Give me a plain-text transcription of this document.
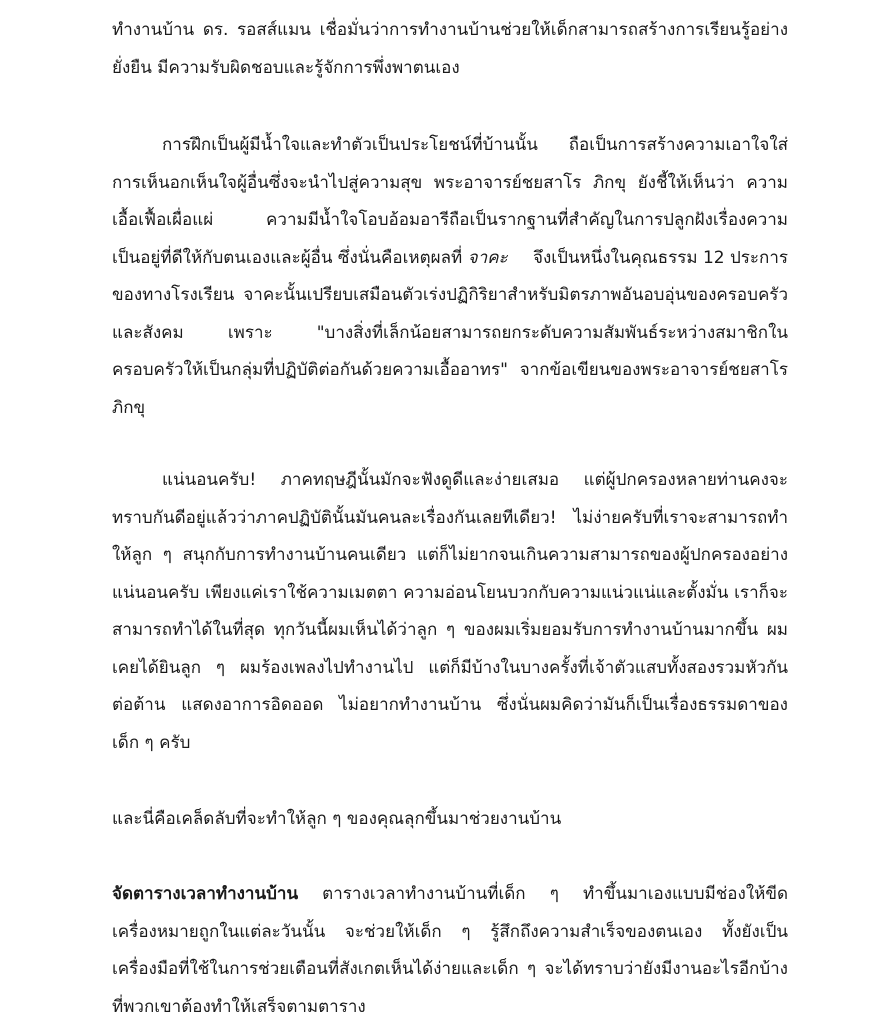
ทำงานบ้าน ดร. รอสส์แมน เชื่อมั่นว่าการทำงานบ้านช่วยให้เด็กสามารถสร้างการเรียนรู้อย่าง
ยั่งยืน มีความรับผิดชอบและรู้จักการพึ่งพาตนเอง
การฝึกเป็นผู้มีน้ำใจและทำตัวเป็นประโยชน์ที่บ้านนั้น ถือเป็นการสร้างความเอาใจใส่
การเห็นอกเห็นใจผู้อื่นซึ่งจะนำไปสู่ความสุข พระอาจารย์ชยสาโร ภิกขุ ยังชี้ให้เห็นว่า ความ
เอื้อเฟื้อเผื่อแผ่ ความมีน้ำใจโอบอ้อมอารีถือเป็นรากฐานที่สำคัญในการปลูกฝังเรื่องความ
เป็นอยู่ที่ดีให้กับตนเองและผู้อื่น ซึ่งนั่นคือเหตุผลที่ จาคะ จึงเป็นหนึ่งในคุณธรรม 12 ประการ
ของทางโรงเรียน จาคะนั้นเปรียบเสมือนตัวเร่งปฏิกิริยาสำหรับมิตรภาพอันอบอุ่นของครอบครัว
และสังคม เพราะ "บางสิ่งที่เล็กน้อยสามารถยกระดับความสัมพันธ์ระหว่างสมาชิกใน
ครอบครัวให้เป็นกลุ่มที่ปฏิบัติต่อกันด้วยความเอื้ออาทร" จากข้อเขียนของพระอาจารย์ชยสาโร
ภิกขุ
แน่นอนครับ! ภาคทฤษฎีนั้นมักจะฟังดูดีและง่ายเสมอ แต่ผู้ปกครองหลายท่านคงจะ
ทราบกันดีอยู่แล้วว่าภาคปฏิบัตินั้นมันคนละเรื่องกันเลยทีเดียว! ไม่ง่ายครับที่เราจะสามารถทำ
ให้ลูก ๆ สนุกกับการทำงานบ้านคนเดียว แต่ก็ไม่ยากจนเกินความสามารถของผู้ปกครองอย่าง
แน่นอนครับ เพียงแค่เราใช้ความเมตตา ความอ่อนโยนบวกกับความแน่วแน่และตั้งมั่น เราก็จะ
สามารถทำได้ในที่สุด ทุกวันนี้ผมเห็นได้ว่าลูก ๆ ของผมเริ่มยอมรับการทำงานบ้านมากขึ้น ผม
เคยได้ยินลูก ๆ ผมร้องเพลงไปทำงานไป แต่ก็มีบ้างในบางครั้งที่เจ้าตัวแสบทั้งสองรวมหัวกัน
ต่อต้าน แสดงอาการอิดออด ไม่อยากทำงานบ้าน ซึ่งนั่นผมคิดว่ามันก็เป็นเรื่องธรรมดาของ
เด็ก ๆ ครับ
และนี่คือเคล็ดลับที่จะทำให้ลูก ๆ ของคุณลุกขึ้นมาช่วยงานบ้าน
จัดตารางเวลาทำงานบ้าน ตารางเวลาทำงานบ้านที่เด็ก ๆ ทำขึ้นมาเองแบบมีช่องให้ขีด
เครื่องหมายถูกในแต่ละวันนั้น จะช่วยให้เด็ก ๆ รู้สึกถึงความสำเร็จของตนเอง ทั้งยังเป็น
เครื่องมือที่ใช้ในการช่วยเตือนที่สังเกตเห็นได้ง่ายและเด็ก ๆ จะได้ทราบว่ายังมีงานอะไรอีกบ้าง
ที่พวกเขาต้องทำให้เสร็จตามตาราง
